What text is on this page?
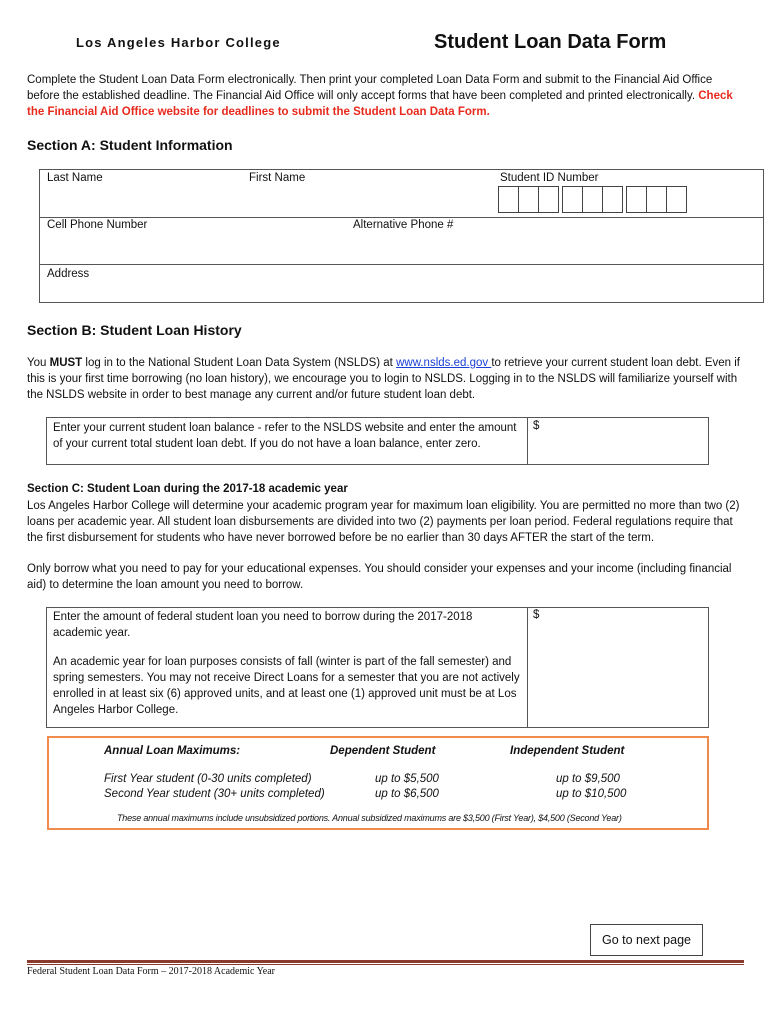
Los Angeles Harbor College	Student Loan Data Form
Complete the Student Loan Data Form electronically. Then print your completed Loan Data Form and submit to the Financial Aid Office before the established deadline. The Financial Aid Office will only accept forms that have been completed and printed electronically. Check the Financial Aid Office website for deadlines to submit the Student Loan Data Form.
Section A: Student Information
Last Name	First Name	Student ID Number
Cell Phone Number	Alternative Phone #
Address
Section B: Student Loan History
You MUST log in to the National Student Loan Data System (NSLDS) at www.nslds.ed.gov to retrieve your current student loan debt. Even if this is your first time borrowing (no loan history), we encourage you to login to NSLDS. Logging in to the NSLDS will familiarize yourself with the NSLDS website in order to best manage any current and/or future student loan debt.
Enter your current student loan balance - refer to the NSLDS website and enter the amount of your current total student loan debt. If you do not have a loan balance, enter zero.
$
Section C: Student Loan during the 2017-18 academic year
Los Angeles Harbor College will determine your academic program year for maximum loan eligibility. You are permitted no more than two (2) loans per academic year. All student loan disbursements are divided into two (2) payments per loan period. Federal regulations require that the first disbursement for students who have never borrowed before be no earlier than 30 days AFTER the start of the term.
Only borrow what you need to pay for your educational expenses. You should consider your expenses and your income (including financial aid) to determine the loan amount you need to borrow.
Enter the amount of federal student loan you need to borrow during the 2017-2018 academic year.
An academic year for loan purposes consists of fall (winter is part of the fall semester) and spring semesters. You may not receive Direct Loans for a semester that you are not actively enrolled in at least six (6) approved units, and at least one (1) approved unit must be at Los Angeles Harbor College.
$
Annual Loan Maximums:	Dependent Student	Independent Student
First Year student (0-30 units completed)	up to $5,500	up to $9,500
Second Year student (30+ units completed)	up to $6,500	up to $10,500
These annual maximums include unsubsidized portions. Annual subsidized maximums are $3,500 (First Year), $4,500 (Second Year)
Go to next page
Federal Student Loan Data Form – 2017-2018 Academic Year
